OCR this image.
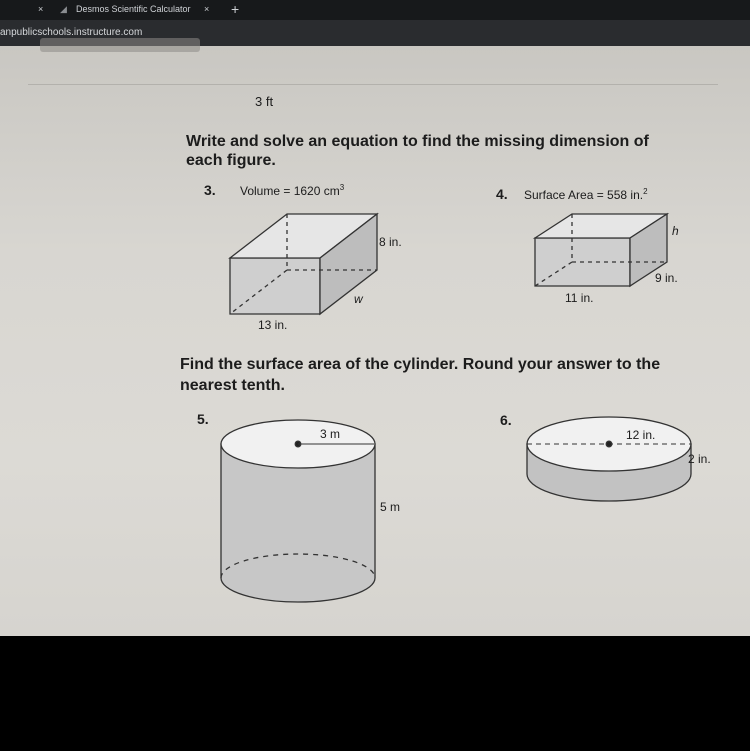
× ◢ Desmos Scientific Calculator × +
anpublicschools.instructure.com
3 ft
Write and solve an equation to find the missing dimension of
each figure.
3. Volume = 1620 $cm^3$	4. Surface Area = 558 in.$^2$
8 in.
w
13 in.
h
9 in.
11 in.
Find the surface area of the cylinder. Round your answer to the
nearest tenth.
5.
3 m
5 m
6.
12 in.
2 in.
